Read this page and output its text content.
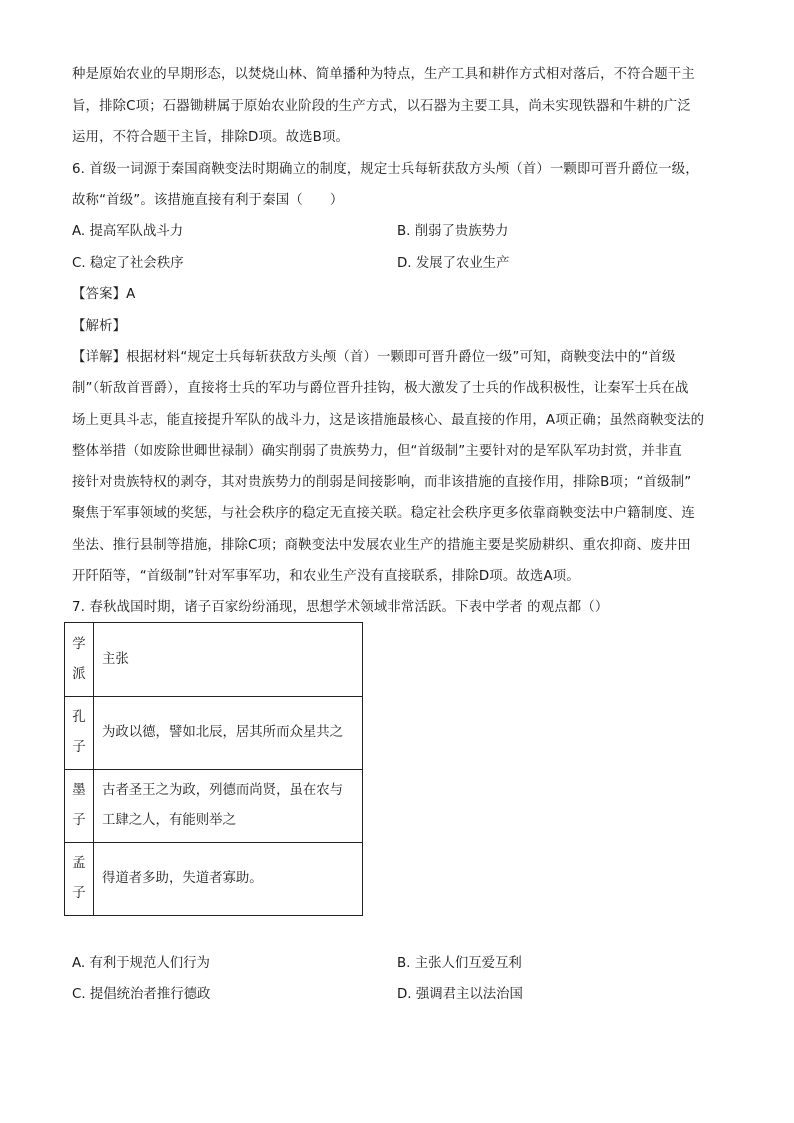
种是原始农业的早期形态，以焚烧山林、简单播种为特点，生产工具和耕作方式相对落后，不符合题干主
旨，排除C项；石器锄耕属于原始农业阶段的生产方式，以石器为主要工具，尚未实现铁器和牛耕的广泛
运用，不符合题干主旨，排除D项。故选B项。
6. 首级一词源于秦国商鞅变法时期确立的制度，规定士兵每斩获敌方头颅（首）一颗即可晋升爵位一级，
故称“首级”。该措施直接有利于秦国（　　）
A. 提高军队战斗力	B. 削弱了贵族势力
C. 稳定了社会秩序	D. 发展了农业生产
【答案】A
【解析】
【详解】根据材料“规定士兵每斩获敌方头颅（首）一颗即可晋升爵位一级”可知，商鞅变法中的“首级
制”（斩敌首晋爵），直接将士兵的军功与爵位晋升挂钩，极大激发了士兵的作战积极性，让秦军士兵在战
场上更具斗志，能直接提升军队的战斗力，这是该措施最核心、最直接的作用，A项正确；虽然商鞅变法的
整体举措（如废除世卿世禄制）确实削弱了贵族势力，但“首级制”主要针对的是军队军功封赏，并非直
接针对贵族特权的剥夺，其对贵族势力的削弱是间接影响，而非该措施的直接作用，排除B项；“首级制”
聚焦于军事领域的奖惩，与社会秩序的稳定无直接关联。稳定社会秩序更多依靠商鞅变法中户籍制度、连
坐法、推行县制等措施，排除C项；商鞅变法中发展农业生产的措施主要是奖励耕织、重农抑商、废井田
开阡陌等，“首级制”针对军事军功，和农业生产没有直接联系，排除D项。故选A项。
7. 春秋战国时期，诸子百家纷纷涌现，思想学术领域非常活跃。下表中学者 的观点都（）
学
派	主张

孔
子	为政以德，譬如北辰，居其所而众星共之

墨
子	古者圣王之为政，列德而尚贤，虽在农与
工肆之人，有能则举之

孟
子	得道者多助，失道者寡助。
A. 有利于规范人们行为	B. 主张人们互爱互利
C. 提倡统治者推行德政	D. 强调君主以法治国
